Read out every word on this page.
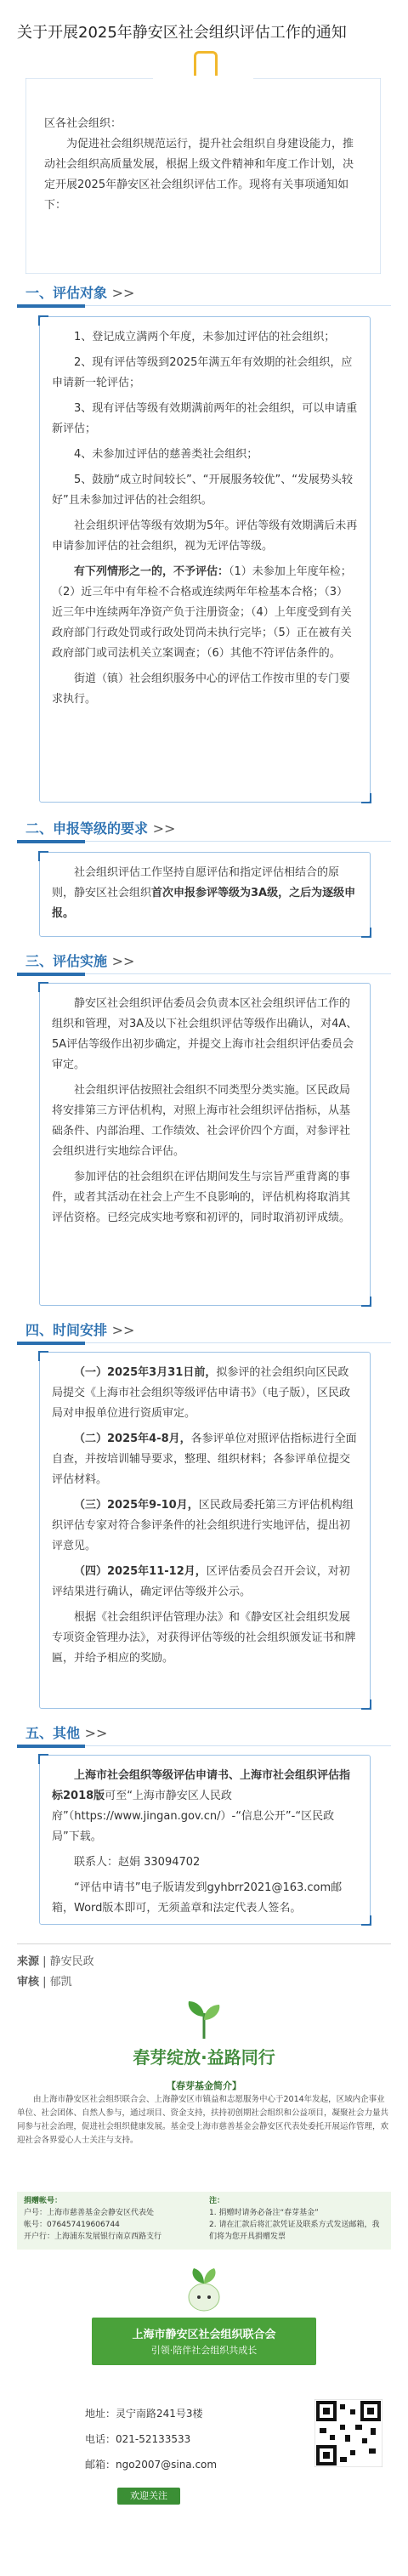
关于开展2025年静安区社会组织评估工作的通知
区各社会组织：
为促进社会组织规范运行，提升社会组织自身建设能力，推动社会组织高质量发展，根据上级文件精神和年度工作计划，决定开展2025年静安区社会组织评估工作。现将有关事项通知如下：
一、评估对象 >>

1、登记成立满两个年度，未参加过评估的社会组织；

2、现有评估等级到2025年满五年有效期的社会组织，应申请新一轮评估；

3、现有评估等级有效期满前两年的社会组织，可以申请重新评估；

4、未参加过评估的慈善类社会组织；

5、鼓励“成立时间较长”、“开展服务较优”、“发展势头较好”且未参加过评估的社会组织。

社会组织评估等级有效期为5年。评估等级有效期满后未再申请参加评估的社会组织，视为无评估等级。

有下列情形之一的，不予评估：（1）未参加上年度年检；（2）近三年中有年检不合格或连续两年年检基本合格；（3）近三年中连续两年净资产负于注册资金；（4）上年度受到有关政府部门行政处罚或行政处罚尚未执行完毕；（5）正在被有关政府部门或司法机关立案调查；（6）其他不符评估条件的。

街道（镇）社会组织服务中心的评估工作按市里的专门要求执行。

二、申报等级的要求 >>

社会组织评估工作坚持自愿评估和指定评估相结合的原则，静安区社会组织首次申报参评等级为3A级，之后为逐级申报。

三、评估实施 >>

静安区社会组织评估委员会负责本区社会组织评估工作的组织和管理，对3A及以下社会组织评估等级作出确认，对4A、5A评估等级作出初步确定，并提交上海市社会组织评估委员会审定。

社会组织评估按照社会组织不同类型分类实施。区民政局将安排第三方评估机构，对照上海市社会组织评估指标，从基础条件、内部治理、工作绩效、社会评价四个方面，对参评社会组织进行实地综合评估。

参加评估的社会组织在评估期间发生与宗旨严重背离的事件，或者其活动在社会上产生不良影响的，评估机构将取消其评估资格。已经完成实地考察和初评的，同时取消初评成绩。

四、时间安排 >>

（一）2025年3月31日前，拟参评的社会组织向区民政局提交《上海市社会组织等级评估申请书》（电子版），区民政局对申报单位进行资质审定。

（二）2025年4-8月，各参评单位对照评估指标进行全面自查，并按培训辅导要求，整理、组织材料；各参评单位提交评估材料。

（三）2025年9-10月，区民政局委托第三方评估机构组织评估专家对符合参评条件的社会组织进行实地评估，提出初评意见。

（四）2025年11-12月，区评估委员会召开会议，对初评结果进行确认，确定评估等级并公示。

根据《社会组织评估管理办法》和《静安区社会组织发展专项资金管理办法》，对获得评估等级的社会组织颁发证书和牌匾，并给予相应的奖励。

五、其他 >>

上海市社会组织等级评估申请书、上海市社会组织评估指标2018版可至“上海市静安区人民政府”（https://www.jingan.gov.cn/）-“信息公开”-“区民政局”下载。

联系人：赵娟 33094702

“评估申请书”电子版请发到gyhbrr2021@163.com邮箱，Word版本即可，无须盖章和法定代表人签名。

来源 | 静安民政
审核 | 郁凯
春芽绽放·益路同行
【春芽基金简介】
由上海市静安区社会组织联合会、上海静安区市镇益和志愿服务中心于2014年发起，区域内企事业单位、社会团体、自然人参与，通过项目、资金支持，扶持初创期社会组织和公益项目，凝聚社会力量共同参与社会治理，促进社会组织健康发展。基金受上海市慈善基金会静安区代表处委托开展运作管理，欢迎社会各界爱心人士关注与支持。
捐赠帐号：
户号：上海市慈善基金会静安区代表处
帐号：076457419606744
开户行：上海浦东发展银行南京西路支行
注：
1. 捐赠时请务必备注“春芽基金”
2. 请在汇款后将汇款凭证及联系方式发送邮箱，我们将为您开具捐赠发票
上海市静安区社会组织联合会
引领·陪伴社会组织共成长
地址：灵宁南路241号3楼
电话：021-52133533
邮箱：ngo2007@sina.com
欢迎关注
